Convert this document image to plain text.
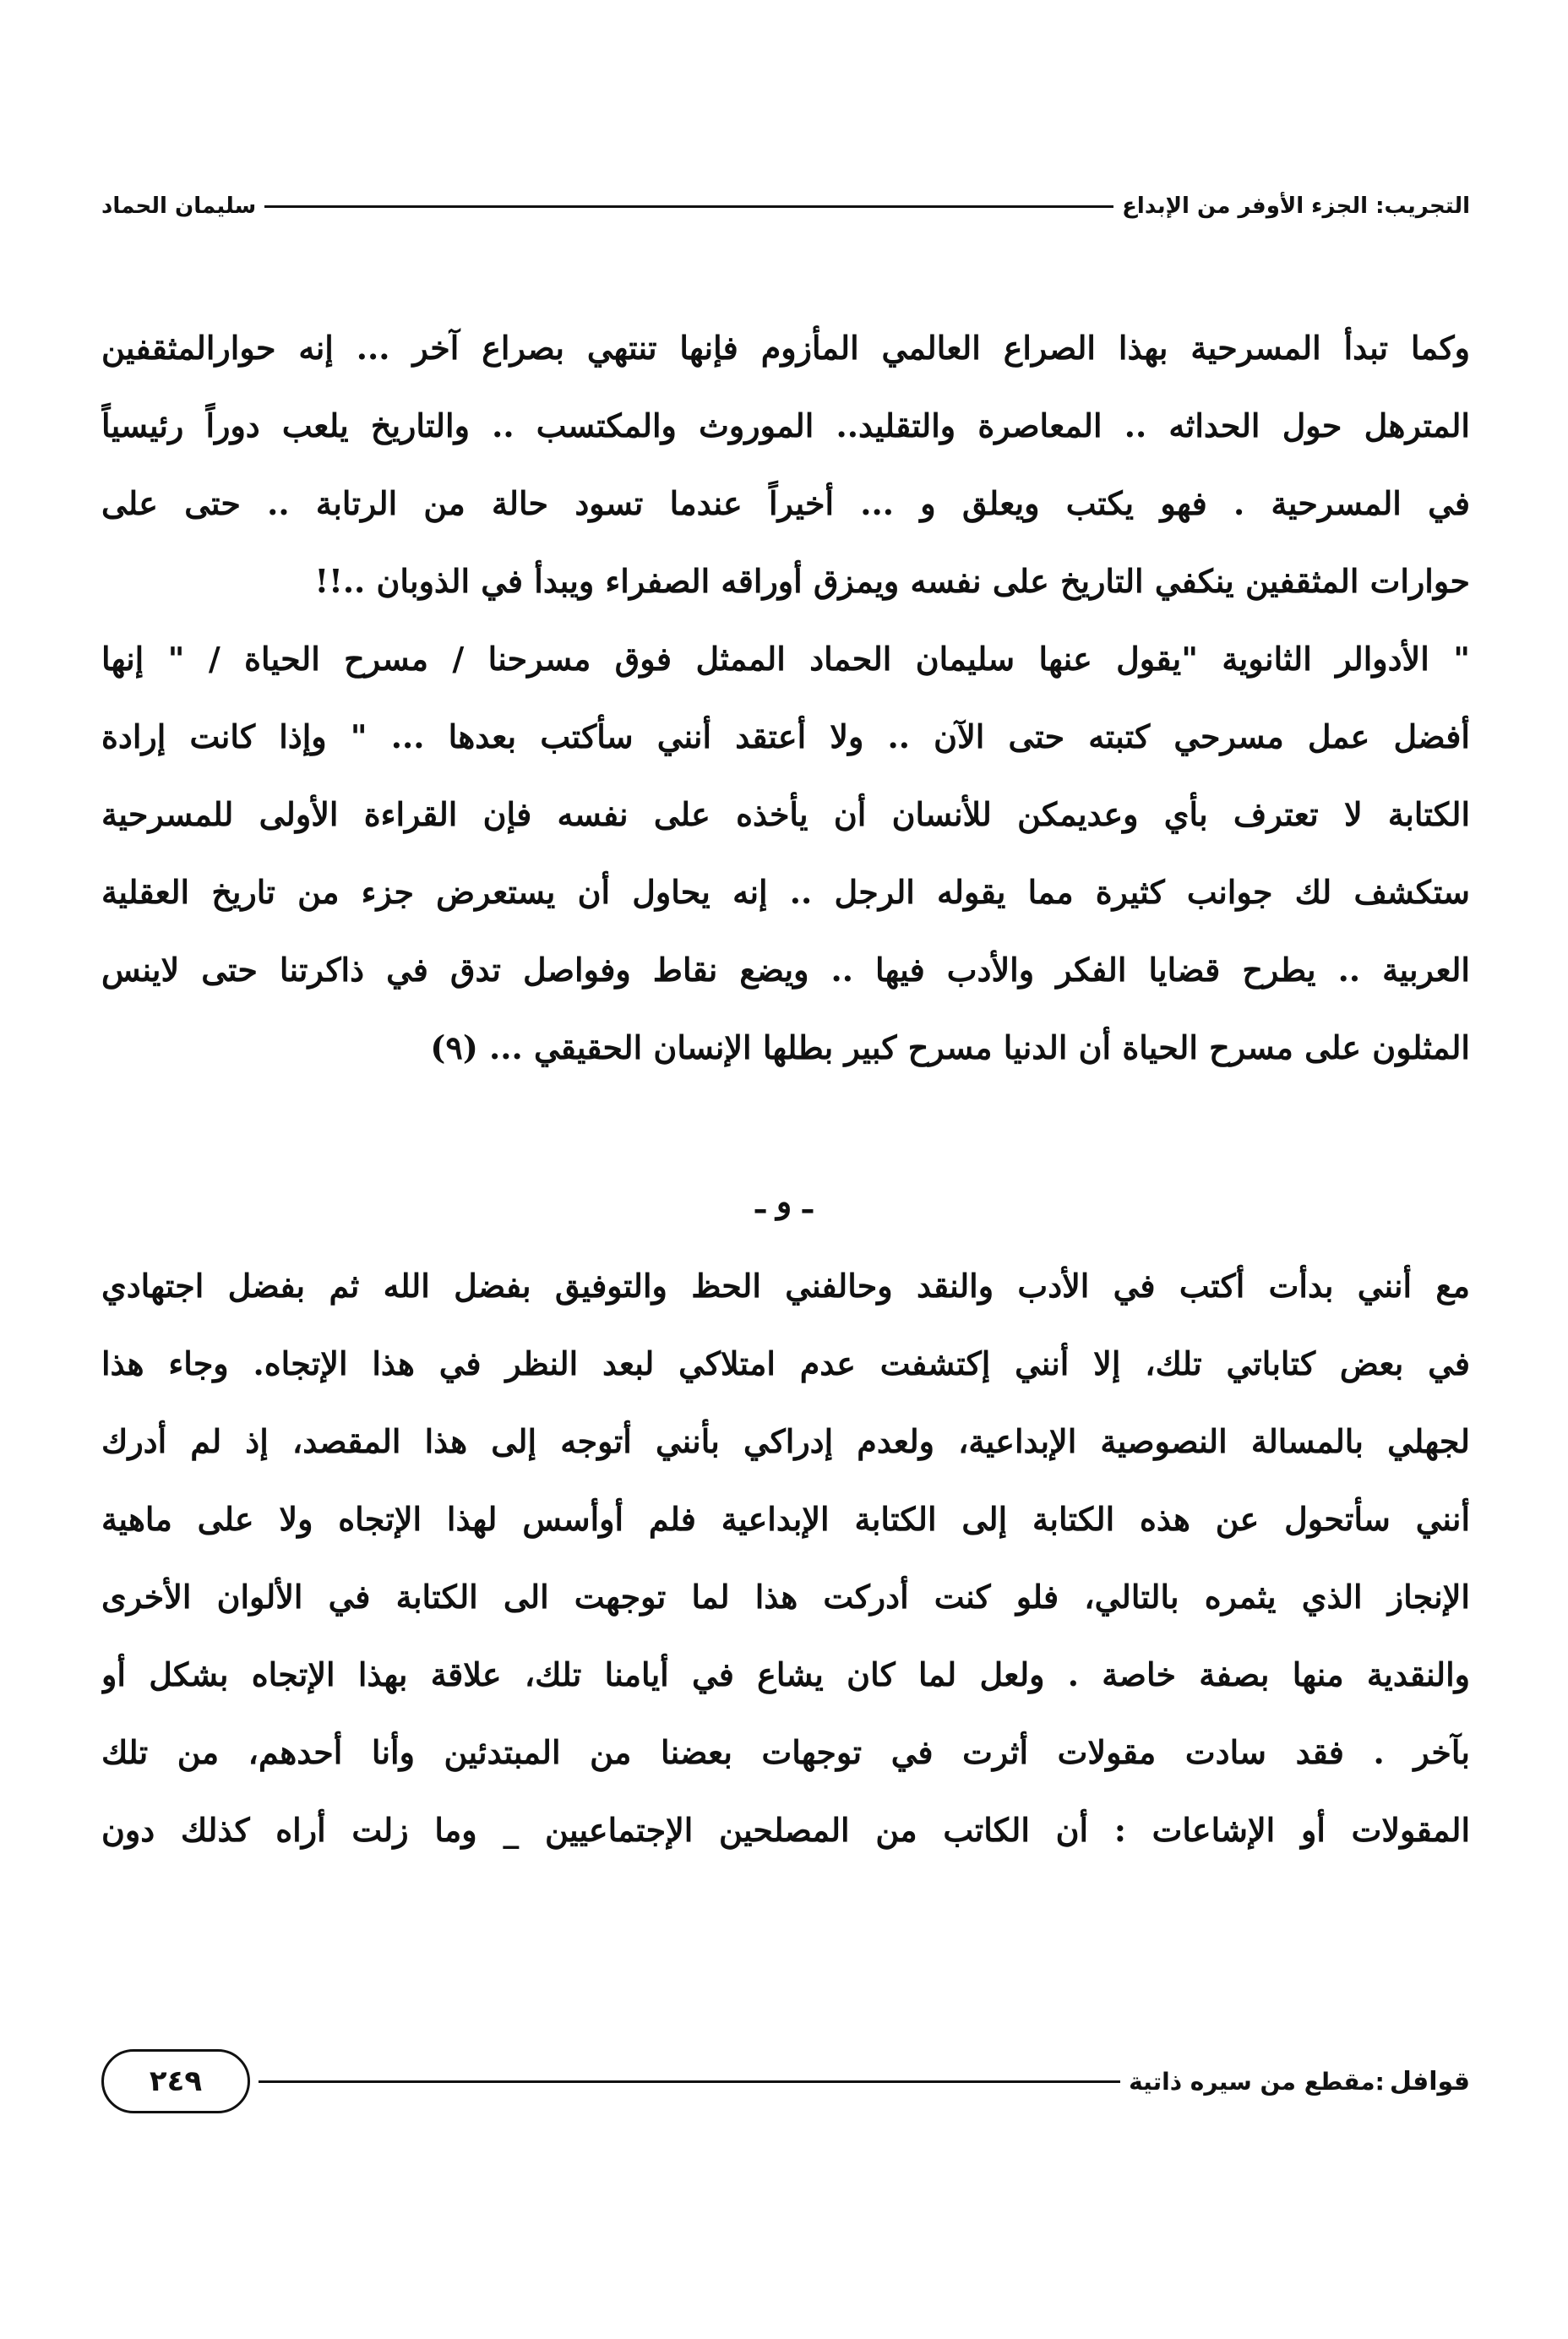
التجريب: الجزء الأوفر من الإبداع
سليمان الحماد
وكما تبدأ المسرحية بهذا الصراع العالمي المأزوم فإنها تنتهي بصراع آخر ... إنه حوارالمثقفين
المترهل حول الحداثه .. المعاصرة والتقليد.. الموروث والمكتسب .. والتاريخ يلعب دوراً رئيسياً
في المسرحية . فهو يكتب ويعلق و ... أخيراً عندما تسود حالة من الرتابة .. حتى على
حوارات المثقفين ينكفي التاريخ على نفسه ويمزق أوراقه الصفراء ويبدأ في الذوبان ..!!
" الأدوالر الثانوية "يقول عنها سليمان الحماد الممثل فوق مسرحنا / مسرح الحياة / " إنها
أفضل عمل مسرحي كتبته حتى الآن .. ولا أعتقد أنني سأكتب بعدها ... " وإذا كانت إرادة
الكتابة لا تعترف بأي وعديمكن للأنسان أن يأخذه على نفسه فإن القراءة الأولى للمسرحية
ستكشف لك جوانب كثيرة مما يقوله الرجل .. إنه يحاول أن يستعرض جزء من تاريخ العقلية
العربية .. يطرح قضايا الفكر والأدب فيها .. ويضع نقاط وفواصل تدق في ذاكرتنا حتى لاينس
المثلون على مسرح الحياة أن الدنيا مسرح كبير بطلها الإنسان الحقيقي ... (٩)
ـ و ـ
مع أنني بدأت أكتب في الأدب والنقد وحالفني الحظ والتوفيق بفضل الله ثم بفضل اجتهادي
في بعض كتاباتي تلك، إلا أنني إكتشفت عدم امتلاكي لبعد النظر في هذا الإتجاه. وجاء هذا
لجهلي بالمسالة النصوصية الإبداعية، ولعدم إدراكي بأنني أتوجه إلى هذا المقصد، إذ لم أدرك
أنني سأتحول عن هذه الكتابة إلى الكتابة الإبداعية فلم أوأسس لهذا الإتجاه ولا على ماهية
الإنجاز الذي يثمره بالتالي، فلو كنت أدركت هذا لما توجهت الى الكتابة في الألوان الأخرى
والنقدية منها بصفة خاصة . ولعل لما كان يشاع في أيامنا تلك، علاقة بهذا الإتجاه بشكل أو
بآخر . فقد سادت مقولات أثرت في توجهات بعضنا من المبتدئين وأنا أحدهم، من تلك
المقولات أو الإشاعات : أن الكاتب من المصلحين الإجتماعيين _ وما زلت أراه كذلك دون
قوافل
:مقطع من سيره ذاتية
٢٤٩
